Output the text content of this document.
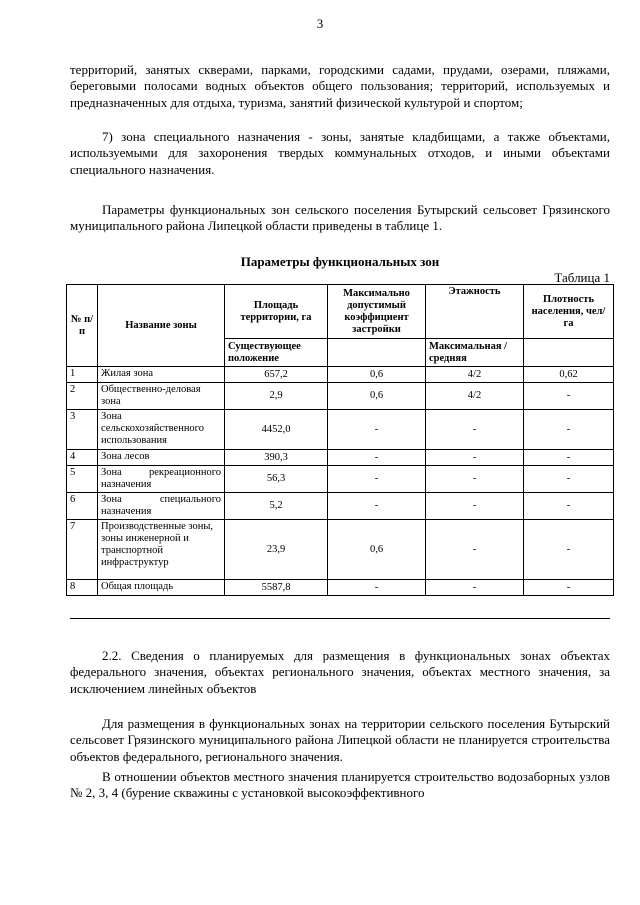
3

территорий, занятых скверами, парками, городскими садами, прудами, озерами, пляжами, береговыми полосами водных объектов общего пользования; территорий, используемых и предназначенных для отдыха, туризма, занятий физической культурой и спортом;

7) зона специального назначения - зоны, занятые кладбищами, а также объектами, используемыми для захоронения твердых коммунальных отходов, и иными объектами специального назначения.

Параметры функциональных зон сельского поселения Бутырский сельсовет Грязинского муниципального района Липецкой области приведены в таблице 1.

Параметры функциональных зон
Таблица 1
№ п/п	Название зоны	Площадь территории, га	Максимально допустимый коэффициент застройки	Этажность	Плотность населения, чел/га
		Существующее положение		Максимальная /средняя	
1	Жилая зона	657,2	0,6	4/2	0,62
2	Общественно-деловая зона	2,9	0,6	4/2	-
3	Зона сельскохозяйственного использования	4452,0	-	-	-
4	Зона лесов	390,3	-	-	-
5	Зона рекреационного назначения	56,3	-	-	-
6	Зона специального назначения	5,2	-	-	-
7	Производственные зоны, зоны инженерной и транспортной инфраструктур	23,9	0,6	-	-
8	Общая площадь	5587,8	-	-	-

2.2. Сведения о планируемых для размещения в функциональных зонах объектах федерального значения, объектах регионального значения, объектах местного значения, за исключением линейных объектов

Для размещения в функциональных зонах на территории сельского поселения Бутырский сельсовет Грязинского муниципального района Липецкой области не планируется строительства объектов федерального, регионального значения.

В отношении объектов местного значения планируется строительство водозаборных узлов № 2, 3, 4 (бурение скважины с установкой высокоэффективного
